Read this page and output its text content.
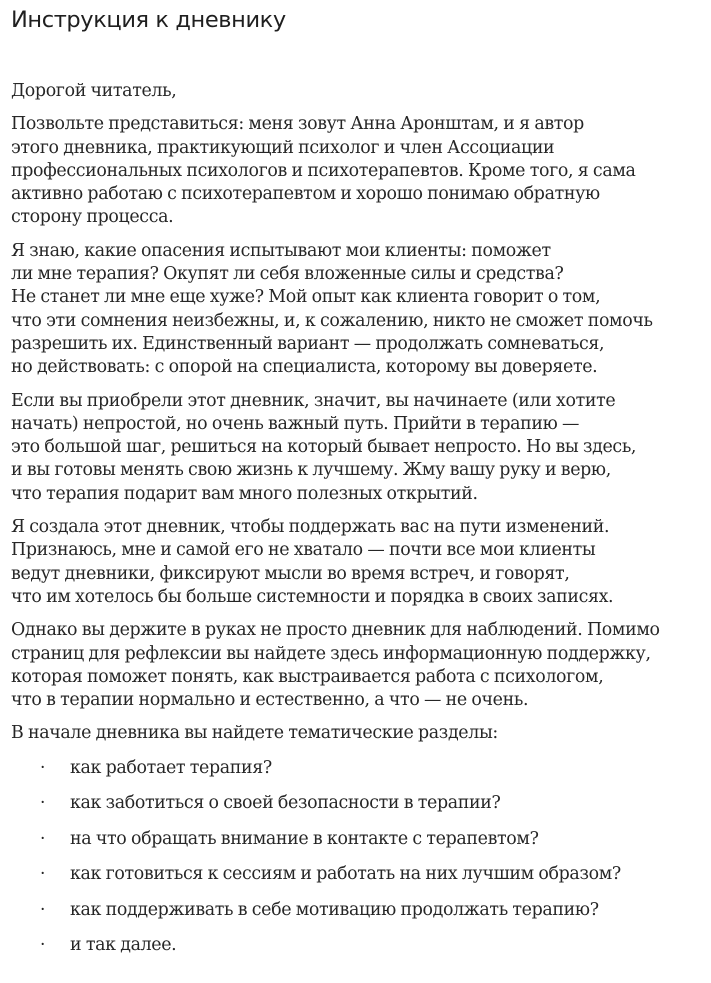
Инструкция к дневнику

Дорогой читатель,

Позвольте представиться: меня зовут Анна Аронштам, и я автор
этого дневника, практикующий психолог и член Ассоциации
профессиональных психологов и психотерапевтов. Кроме того, я сама
активно работаю с психотерапевтом и хорошо понимаю обратную
сторону процесса.

Я знаю, какие опасения испытывают мои клиенты: поможет
ли мне терапия? Окупят ли себя вложенные силы и средства?
Не станет ли мне еще хуже? Мой опыт как клиента говорит о том,
что эти сомнения неизбежны, и, к сожалению, никто не сможет помочь
разрешить их. Единственный вариант — продолжать сомневаться,
но действовать: с опорой на специалиста, которому вы доверяете.

Если вы приобрели этот дневник, значит, вы начинаете (или хотите
начать) непростой, но очень важный путь. Прийти в терапию —
это большой шаг, решиться на который бывает непросто. Но вы здесь,
и вы готовы менять свою жизнь к лучшему. Жму вашу руку и верю,
что терапия подарит вам много полезных открытий.

Я создала этот дневник, чтобы поддержать вас на пути изменений.
Признаюсь, мне и самой его не хватало — почти все мои клиенты
ведут дневники, фиксируют мысли во время встреч, и говорят,
что им хотелось бы больше системности и порядка в своих записях.

Однако вы держите в руках не просто дневник для наблюдений. Помимо
страниц для рефлексии вы найдете здесь информационную поддержку,
которая поможет понять, как выстраивается работа с психологом,
что в терапии нормально и естественно, а что — не очень.

В начале дневника вы найдете тематические разделы:

· как работает терапия?
· как заботиться о своей безопасности в терапии?
· на что обращать внимание в контакте с терапевтом?
· как готовиться к сессиям и работать на них лучшим образом?
· как поддерживать в себе мотивацию продолжать терапию?
· и так далее.
